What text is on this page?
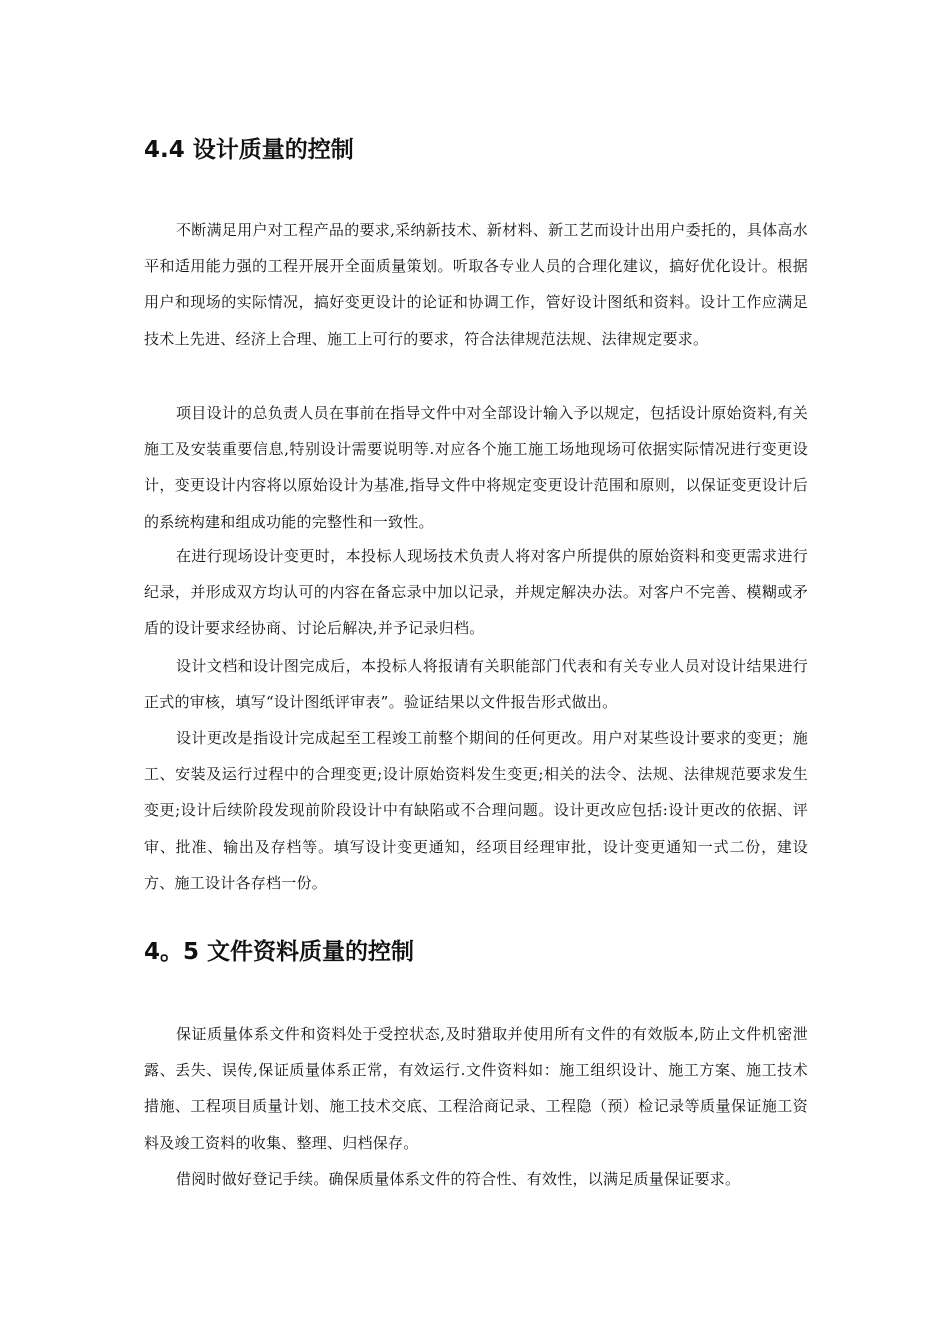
4.4 设计质量的控制

不断满足用户对工程产品的要求,采纳新技术、新材料、新工艺而设计出用户委托的，具体高水平和适用能力强的工程开展开全面质量策划。听取各专业人员的合理化建议，搞好优化设计。根据用户和现场的实际情况，搞好变更设计的论证和协调工作，管好设计图纸和资料。设计工作应满足技术上先进、经济上合理、施工上可行的要求，符合法律规范法规、法律规定要求。

项目设计的总负责人员在事前在指导文件中对全部设计输入予以规定，包括设计原始资料,有关施工及安装重要信息,特别设计需要说明等.对应各个施工施工场地现场可依据实际情况进行变更设计，变更设计内容将以原始设计为基准,指导文件中将规定变更设计范围和原则，以保证变更设计后的系统构建和组成功能的完整性和一致性。

在进行现场设计变更时，本投标人现场技术负责人将对客户所提供的原始资料和变更需求进行纪录，并形成双方均认可的内容在备忘录中加以记录，并规定解决办法。对客户不完善、模糊或矛盾的设计要求经协商、讨论后解决,并予记录归档。

设计文档和设计图完成后，本投标人将报请有关职能部门代表和有关专业人员对设计结果进行正式的审核，填写“设计图纸评审表”。验证结果以文件报告形式做出。

设计更改是指设计完成起至工程竣工前整个期间的任何更改。用户对某些设计要求的变更；施工、安装及运行过程中的合理变更;设计原始资料发生变更;相关的法令、法规、法律规范要求发生变更;设计后续阶段发现前阶段设计中有缺陷或不合理问题。设计更改应包括:设计更改的依据、评审、批准、输出及存档等。填写设计变更通知，经项目经理审批，设计变更通知一式二份，建设方、施工设计各存档一份。

4。5 文件资料质量的控制

保证质量体系文件和资料处于受控状态,及时猎取并使用所有文件的有效版本,防止文件机密泄露、丢失、误传,保证质量体系正常，有效运行.文件资料如：施工组织设计、施工方案、施工技术措施、工程项目质量计划、施工技术交底、工程洽商记录、工程隐（预）检记录等质量保证施工资料及竣工资料的收集、整理、归档保存。

借阅时做好登记手续。确保质量体系文件的符合性、有效性，以满足质量保证要求。
